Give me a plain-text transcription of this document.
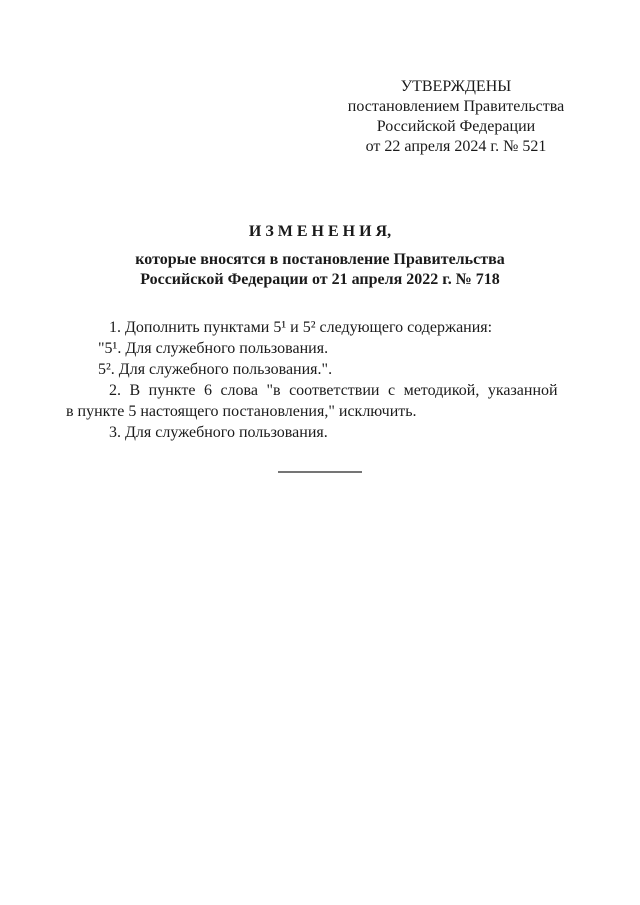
УТВЕРЖДЕНЫ
постановлением Правительства
Российской Федерации
от 22 апреля 2024 г. № 521
И З М Е Н Е Н И Я,
которые вносятся в постановление Правительства
Российской Федерации от 21 апреля 2022 г. № 718
1. Дополнить пунктами 5¹ и 5² следующего содержания:
"5¹. Для служебного пользования.
5². Для служебного пользования.".
2. В пункте 6 слова "в соответствии с методикой, указанной
в пункте 5 настоящего постановления," исключить.
3. Для служебного пользования.
